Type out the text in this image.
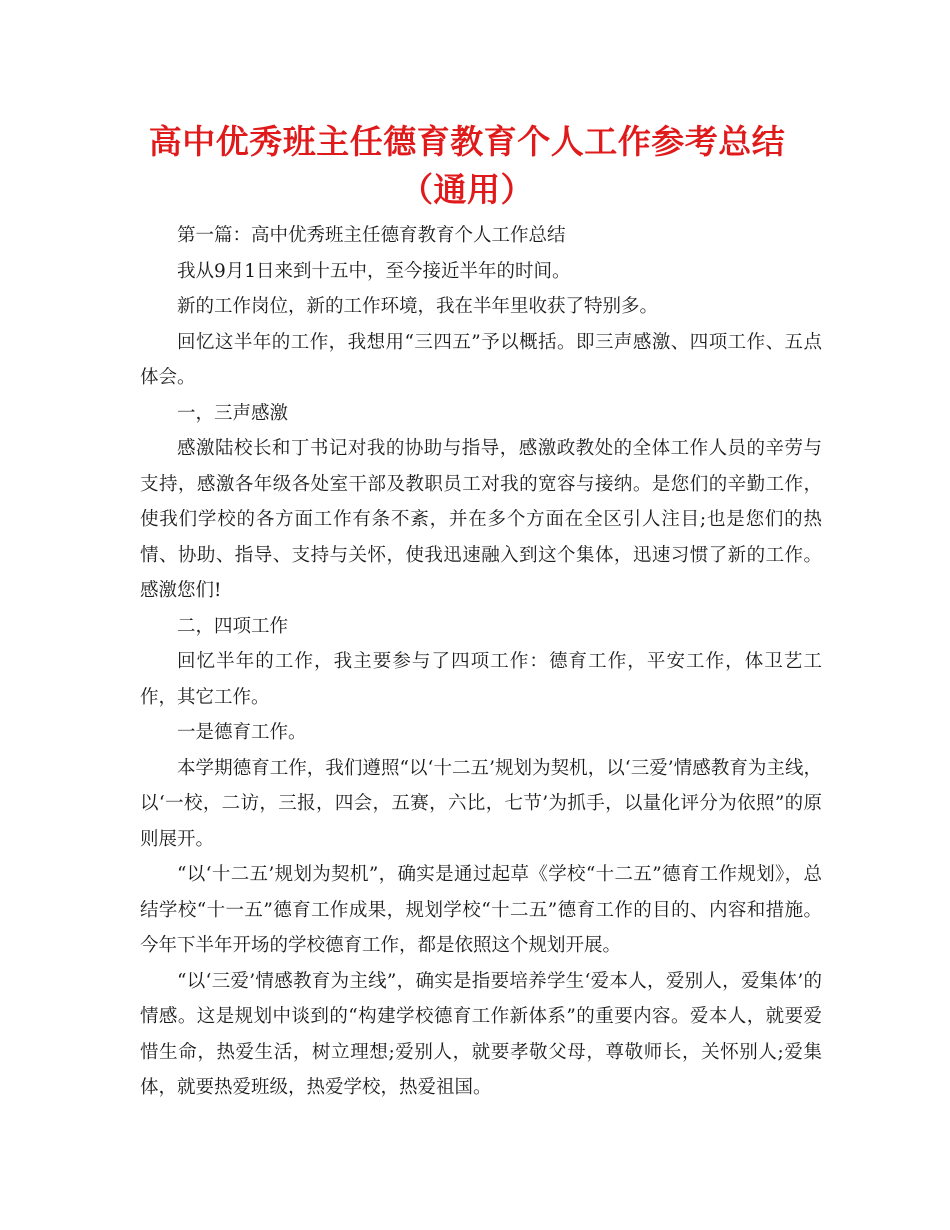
高中优秀班主任德育教育个人工作参考总结（通用）

第一篇：高中优秀班主任德育教育个人工作总结

我从9月1日来到十五中，至今接近半年的时间。

新的工作岗位，新的工作环境，我在半年里收获了特别多。

回忆这半年的工作，我想用“三四五”予以概括。即三声感激、四项工作、五点体会。

一，三声感激

感激陆校长和丁书记对我的协助与指导，感激政教处的全体工作人员的辛劳与支持，感激各年级各处室干部及教职员工对我的宽容与接纳。是您们的辛勤工作，使我们学校的各方面工作有条不紊，并在多个方面在全区引人注目;也是您们的热情、协助、指导、支持与关怀，使我迅速融入到这个集体，迅速习惯了新的工作。感激您们!

二，四项工作

回忆半年的工作，我主要参与了四项工作：德育工作，平安工作，体卫艺工作，其它工作。

一是德育工作。

本学期德育工作，我们遵照“以‘十二五’规划为契机，以‘三爱’情感教育为主线，以‘一校，二访，三报，四会，五赛，六比，七节’为抓手，以量化评分为依照”的原则展开。

“以‘十二五’规划为契机”，确实是通过起草《学校“十二五”德育工作规划》，总结学校“十一五”德育工作成果，规划学校“十二五”德育工作的目的、内容和措施。今年下半年开场的学校德育工作，都是依照这个规划开展。

“以‘三爱’情感教育为主线”，确实是指要培养学生‘爱本人，爱别人，爱集体’的情感。这是规划中谈到的“构建学校德育工作新体系”的重要内容。爱本人，就要爱惜生命，热爱生活，树立理想;爱别人，就要孝敬父母，尊敬师长，关怀别人;爱集体，就要热爱班级，热爱学校，热爱祖国。
